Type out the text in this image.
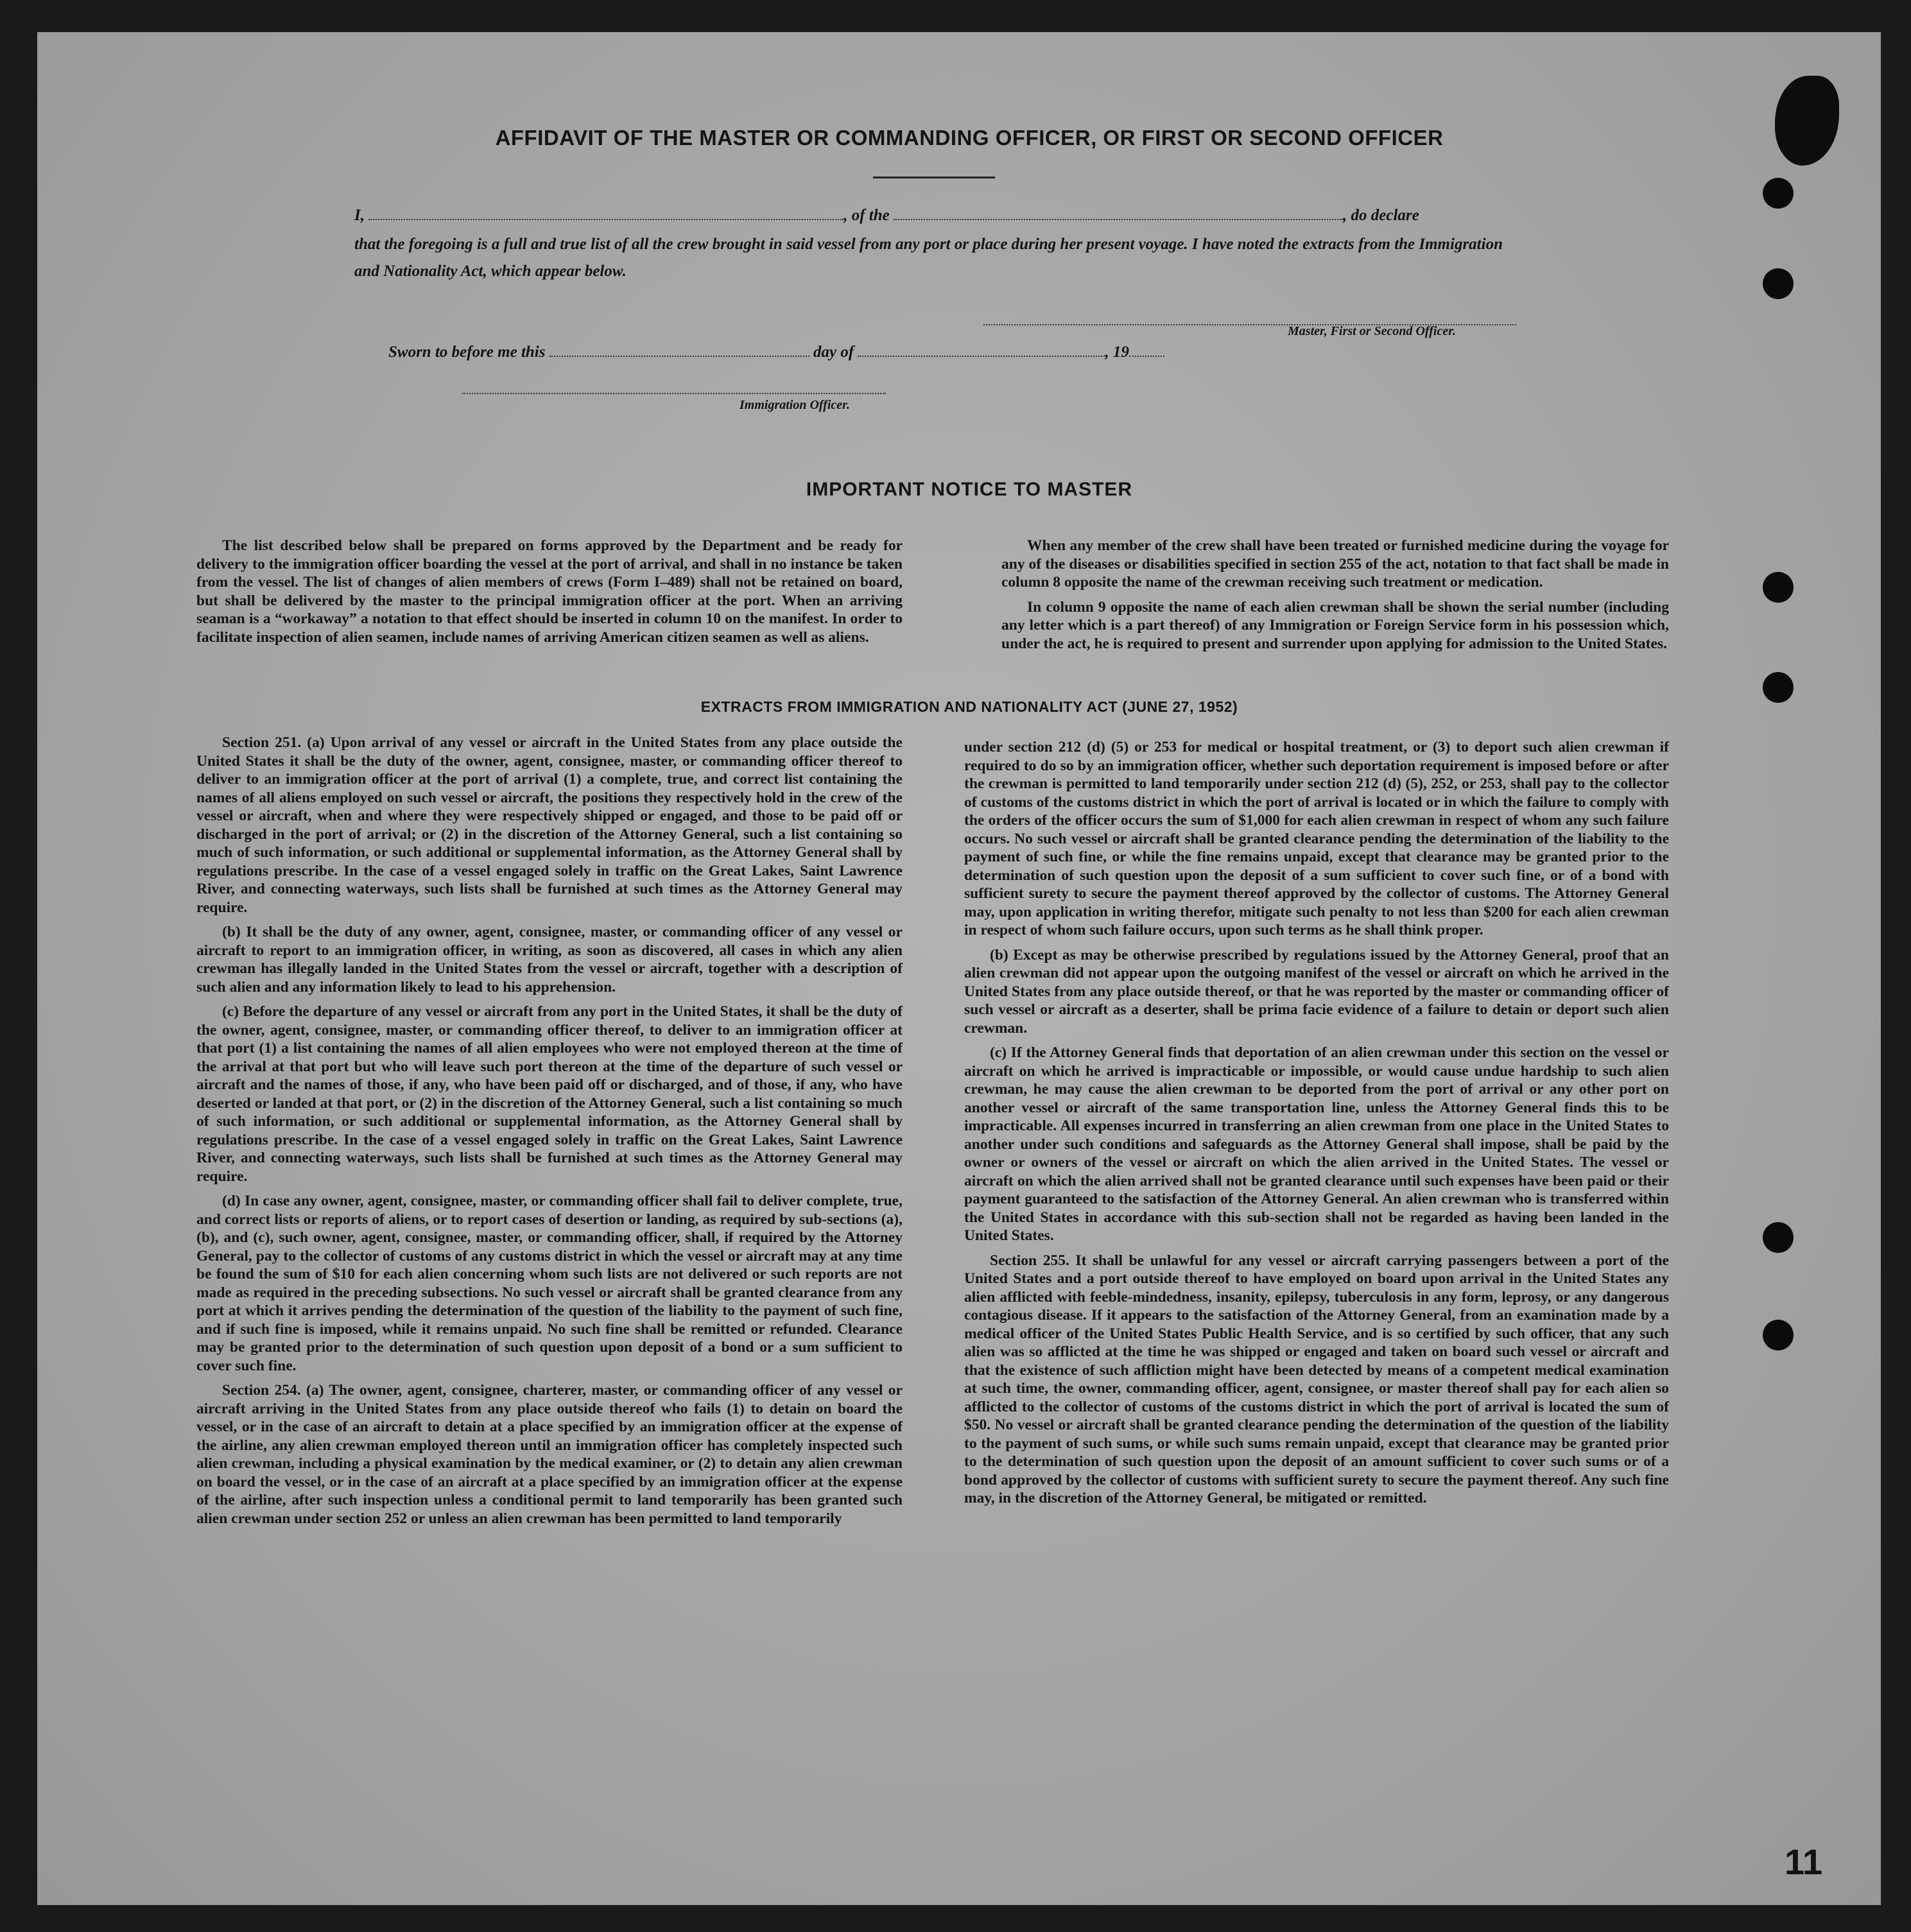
AFFIDAVIT OF THE MASTER OR COMMANDING OFFICER, OR FIRST OR SECOND OFFICER
I,	, of the	, do declare
that the foregoing is a full and true list of all the crew brought in said vessel from any port or place during her present voyage. I have noted the extracts from the Immigration and Nationality Act, which appear below.
Master, First or Second Officer.
Sworn to before me this	day of	, 19
Immigration Officer.
IMPORTANT NOTICE TO MASTER

The list described below shall be prepared on forms approved by the Department and be ready for delivery to the immigration officer boarding the vessel at the port of arrival, and shall in no instance be taken from the vessel. The list of changes of alien members of crews (Form I–489) shall not be retained on board, but shall be delivered by the master to the principal immigration officer at the port. When an arriving seaman is a “workaway” a notation to that effect should be inserted in column 10 on the manifest. In order to facilitate inspection of alien seamen, include names of arriving American citizen seamen as well as aliens.

When any member of the crew shall have been treated or furnished medicine during the voyage for any of the diseases or disabilities specified in section 255 of the act, notation to that fact shall be made in column 8 opposite the name of the crewman receiving such treatment or medication.

In column 9 opposite the name of each alien crewman shall be shown the serial number (including any letter which is a part thereof) of any Immigration or Foreign Service form in his possession which, under the act, he is required to present and surrender upon applying for admission to the United States.

EXTRACTS FROM IMMIGRATION AND NATIONALITY ACT (JUNE 27, 1952)

Section 251. (a) Upon arrival of any vessel or aircraft in the United States from any place outside the United States it shall be the duty of the owner, agent, consignee, master, or commanding officer thereof to deliver to an immigration officer at the port of arrival (1) a complete, true, and correct list containing the names of all aliens employed on such vessel or aircraft, the positions they respectively hold in the crew of the vessel or aircraft, when and where they were respectively shipped or engaged, and those to be paid off or discharged in the port of arrival; or (2) in the discretion of the Attorney General, such a list containing so much of such information, or such additional or supplemental information, as the Attorney General shall by regulations prescribe. In the case of a vessel engaged solely in traffic on the Great Lakes, Saint Lawrence River, and connecting waterways, such lists shall be furnished at such times as the Attorney General may require.

(b) It shall be the duty of any owner, agent, consignee, master, or commanding officer of any vessel or aircraft to report to an immigration officer, in writing, as soon as discovered, all cases in which any alien crewman has illegally landed in the United States from the vessel or aircraft, together with a description of such alien and any information likely to lead to his apprehension.

(c) Before the departure of any vessel or aircraft from any port in the United States, it shall be the duty of the owner, agent, consignee, master, or commanding officer thereof, to deliver to an immigration officer at that port (1) a list containing the names of all alien employees who were not employed thereon at the time of the arrival at that port but who will leave such port thereon at the time of the departure of such vessel or aircraft and the names of those, if any, who have been paid off or discharged, and of those, if any, who have deserted or landed at that port, or (2) in the discretion of the Attorney General, such a list containing so much of such information, or such additional or supplemental information, as the Attorney General shall by regulations prescribe. In the case of a vessel engaged solely in traffic on the Great Lakes, Saint Lawrence River, and connecting waterways, such lists shall be furnished at such times as the Attorney General may require.

(d) In case any owner, agent, consignee, master, or commanding officer shall fail to deliver complete, true, and correct lists or reports of aliens, or to report cases of desertion or landing, as required by sub-sections (a), (b), and (c), such owner, agent, consignee, master, or commanding officer, shall, if required by the Attorney General, pay to the collector of customs of any customs district in which the vessel or aircraft may at any time be found the sum of $10 for each alien concerning whom such lists are not delivered or such reports are not made as required in the preceding subsections. No such vessel or aircraft shall be granted clearance from any port at which it arrives pending the determination of the question of the liability to the payment of such fine, and if such fine is imposed, while it remains unpaid. No such fine shall be remitted or refunded. Clearance may be granted prior to the determination of such question upon deposit of a bond or a sum sufficient to cover such fine.

Section 254. (a) The owner, agent, consignee, charterer, master, or commanding officer of any vessel or aircraft arriving in the United States from any place outside thereof who fails (1) to detain on board the vessel, or in the case of an aircraft to detain at a place specified by an immigration officer at the expense of the airline, any alien crewman employed thereon until an immigration officer has completely inspected such alien crewman, including a physical examination by the medical examiner, or (2) to detain any alien crewman on board the vessel, or in the case of an aircraft at a place specified by an immigration officer at the expense of the airline, after such inspection unless a conditional permit to land temporarily has been granted such alien crewman under section 252 or unless an alien crewman has been permitted to land temporarily

under section 212 (d) (5) or 253 for medical or hospital treatment, or (3) to deport such alien crewman if required to do so by an immigration officer, whether such deportation requirement is imposed before or after the crewman is permitted to land temporarily under section 212 (d) (5), 252, or 253, shall pay to the collector of customs of the customs district in which the port of arrival is located or in which the failure to comply with the orders of the officer occurs the sum of $1,000 for each alien crewman in respect of whom any such failure occurs. No such vessel or aircraft shall be granted clearance pending the determination of the liability to the payment of such fine, or while the fine remains unpaid, except that clearance may be granted prior to the determination of such question upon the deposit of a sum sufficient to cover such fine, or of a bond with sufficient surety to secure the payment thereof approved by the collector of customs. The Attorney General may, upon application in writing therefor, mitigate such penalty to not less than $200 for each alien crewman in respect of whom such failure occurs, upon such terms as he shall think proper.

(b) Except as may be otherwise prescribed by regulations issued by the Attorney General, proof that an alien crewman did not appear upon the outgoing manifest of the vessel or aircraft on which he arrived in the United States from any place outside thereof, or that he was reported by the master or commanding officer of such vessel or aircraft as a deserter, shall be prima facie evidence of a failure to detain or deport such alien crewman.

(c) If the Attorney General finds that deportation of an alien crewman under this section on the vessel or aircraft on which he arrived is impracticable or impossible, or would cause undue hardship to such alien crewman, he may cause the alien crewman to be deported from the port of arrival or any other port on another vessel or aircraft of the same transportation line, unless the Attorney General finds this to be impracticable. All expenses incurred in transferring an alien crewman from one place in the United States to another under such conditions and safeguards as the Attorney General shall impose, shall be paid by the owner or owners of the vessel or aircraft on which the alien arrived in the United States. The vessel or aircraft on which the alien arrived shall not be granted clearance until such expenses have been paid or their payment guaranteed to the satisfaction of the Attorney General. An alien crewman who is transferred within the United States in accordance with this sub-section shall not be regarded as having been landed in the United States.

Section 255. It shall be unlawful for any vessel or aircraft carrying passengers between a port of the United States and a port outside thereof to have employed on board upon arrival in the United States any alien afflicted with feeble-mindedness, insanity, epilepsy, tuberculosis in any form, leprosy, or any dangerous contagious disease. If it appears to the satisfaction of the Attorney General, from an examination made by a medical officer of the United States Public Health Service, and is so certified by such officer, that any such alien was so afflicted at the time he was shipped or engaged and taken on board such vessel or aircraft and that the existence of such affliction might have been detected by means of a competent medical examination at such time, the owner, commanding officer, agent, consignee, or master thereof shall pay for each alien so afflicted to the collector of customs of the customs district in which the port of arrival is located the sum of $50. No vessel or aircraft shall be granted clearance pending the determination of the question of the liability to the payment of such sums, or while such sums remain unpaid, except that clearance may be granted prior to the determination of such question upon the deposit of an amount sufficient to cover such sums or of a bond approved by the collector of customs with sufficient surety to secure the payment thereof. Any such fine may, in the discretion of the Attorney General, be mitigated or remitted.

11
